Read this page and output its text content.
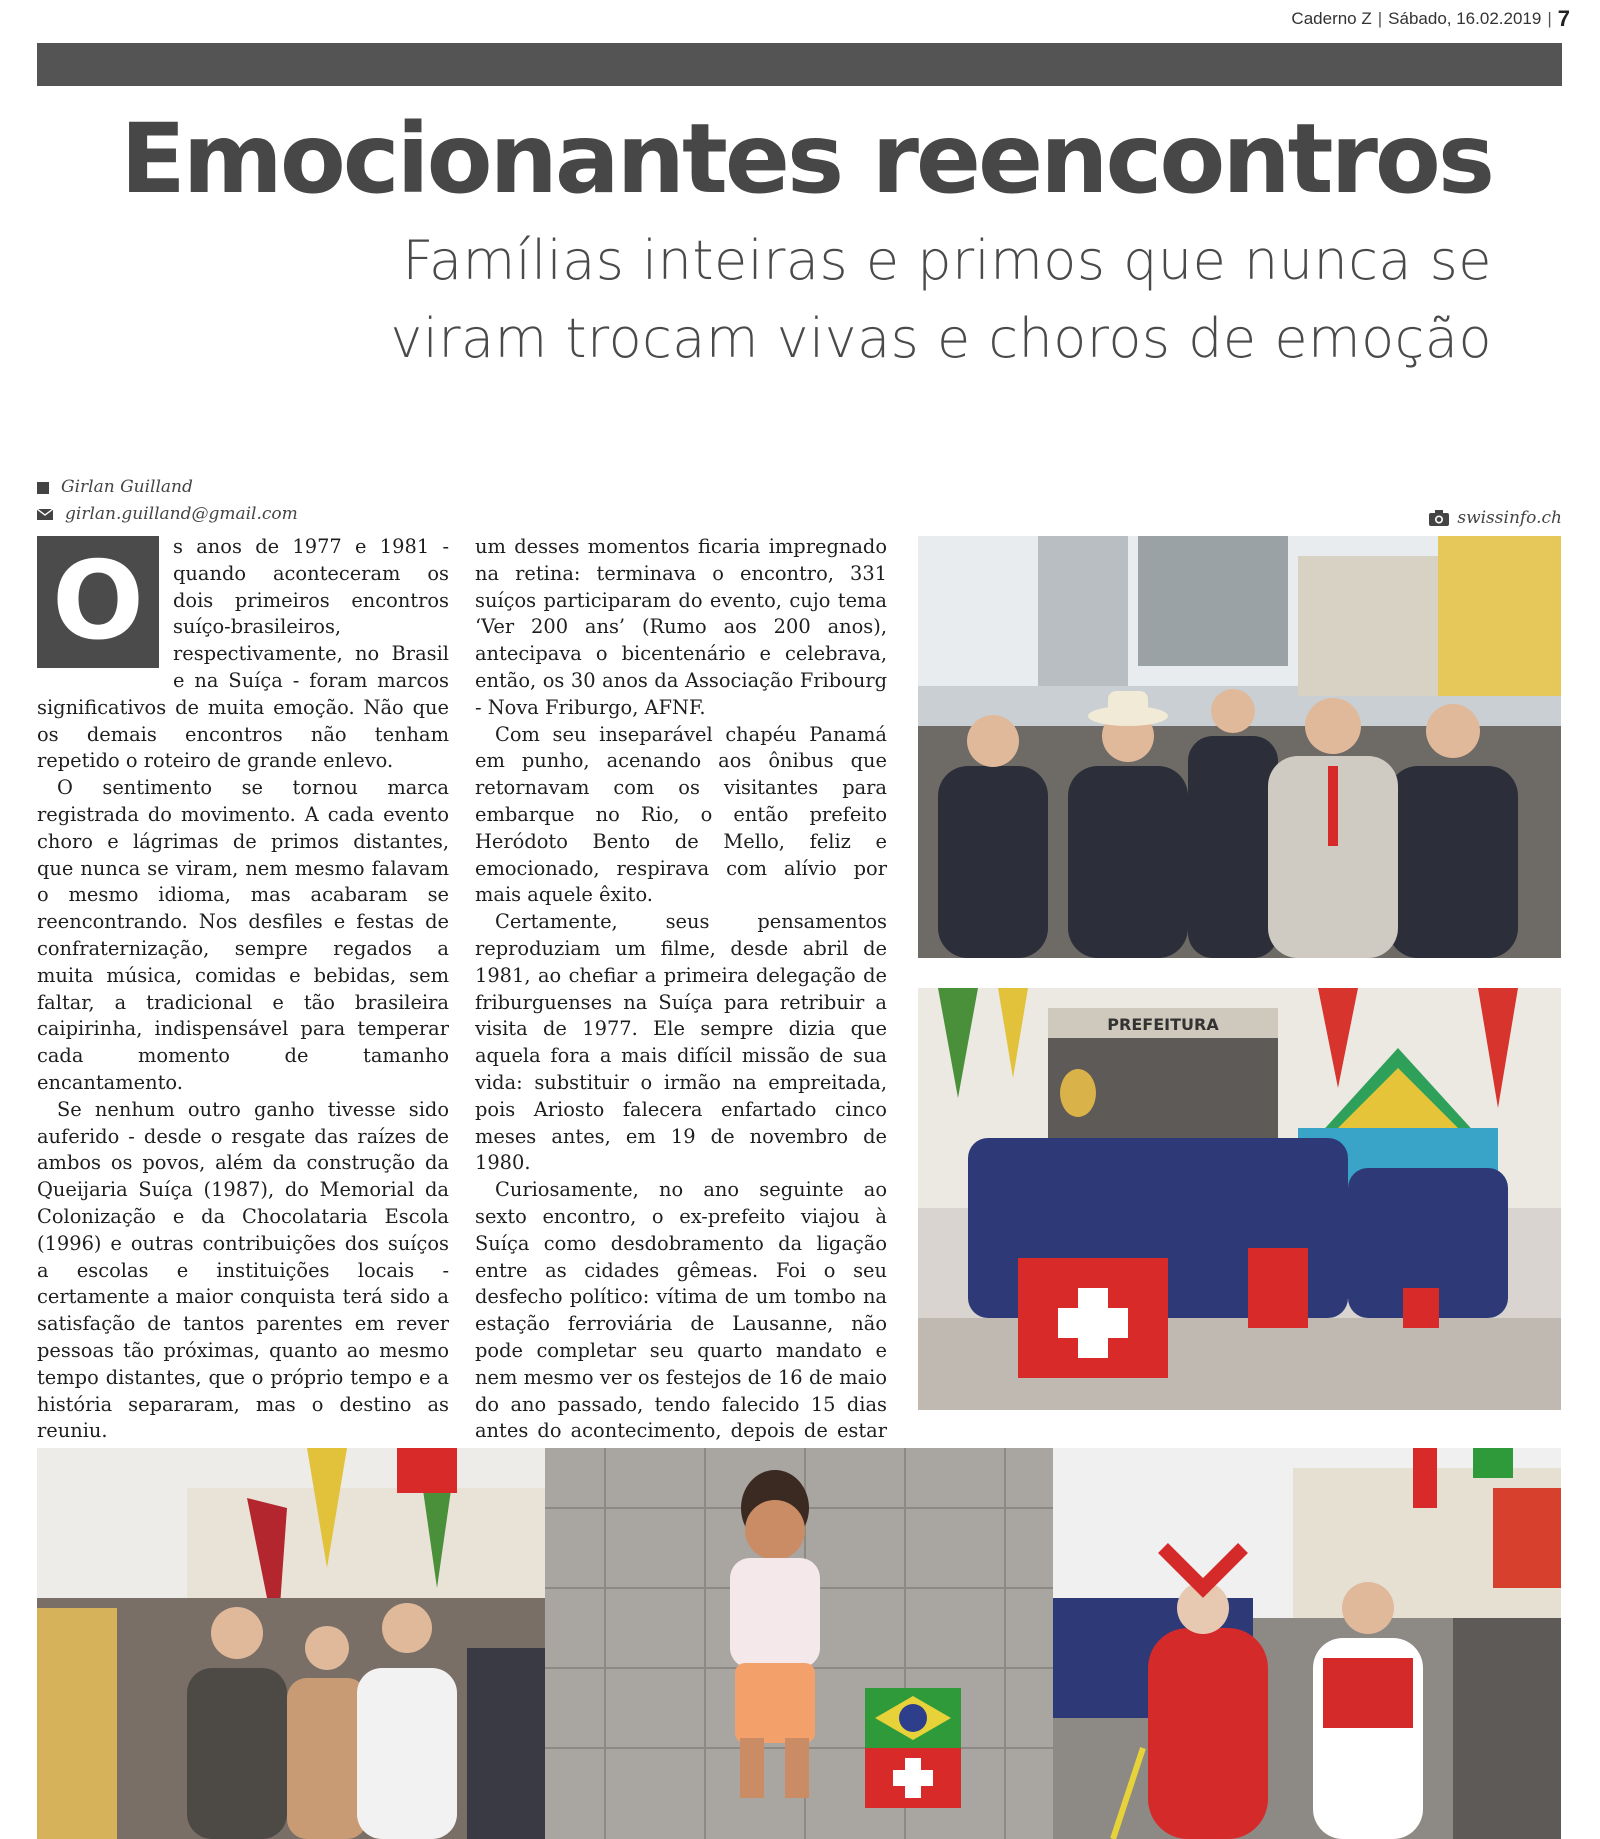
Caderno Z | Sábado, 16.02.2019 | 7
Emocionantes reencontros

Famílias inteiras e primos que nunca se
viram trocam vivas e choros de emoção

Girlan Guilland
girlan.guilland@gmail.com	swissinfo.ch
O	s anos de 1977 e 1981 - quando aconteceram os dois primeiros encontros suíço-brasileiros, respectivamente, no Brasil e na Suíça - foram marcos significativos de muita emoção. Não que os demais encontros não tenham repetido o roteiro de grande enlevo.

O sentimento se tornou marca registrada do movimento. A cada evento choro e lágrimas de primos distantes, que nunca se viram, nem mesmo falavam o mesmo idioma, mas acabaram se reencontrando. Nos desfiles e festas de confraternização, sempre regados a muita música, comidas e bebidas, sem faltar, a tradicional e tão brasileira caipirinha, indispensável para temperar cada momento de tamanho encantamento.

Se nenhum outro ganho tivesse sido auferido - desde o resgate das raízes de ambos os povos, além da construção da Queijaria Suíça (1987), do Memorial da Colonização e da Chocolataria Escola (1996) e outras contribuições dos suíços a escolas e instituições locais - certamente a maior conquista terá sido a satisfação de tantos parentes em rever pessoas tão próximas, quanto ao mesmo tempo distantes, que o próprio tempo e a história separaram, mas o destino as reuniu.

um desses momentos ficaria impregnado na retina: terminava o encontro, 331 suíços participaram do evento, cujo tema ‘Ver 200 ans’ (Rumo aos 200 anos), antecipava o bicentenário e celebrava, então, os 30 anos da Associação Fribourg - Nova Friburgo, AFNF.

Com seu inseparável chapéu Panamá em punho, acenando aos ônibus que retornavam com os visitantes para embarque no Rio, o então prefeito Heródoto Bento de Mello, feliz e emocionado, respirava com alívio por mais aquele êxito.

Certamente, seus pensamentos reproduziam um filme, desde abril de 1981, ao chefiar a primeira delegação de friburguenses na Suíça para retribuir a visita de 1977. Ele sempre dizia que aquela fora a mais difícil missão de sua vida: substituir o irmão na empreitada, pois Ariosto falecera enfartado cinco meses antes, em 19 de novembro de 1980.

Curiosamente, no ano seguinte ao sexto encontro, o ex-prefeito viajou à Suíça como desdobramento da ligação entre as cidades gêmeas. Foi o seu desfecho político: vítima de um tombo na estação ferroviária de Lausanne, não pode completar seu quarto mandato e nem mesmo ver os festejos de 16 de maio do ano passado, tendo falecido 15 dias antes do acontecimento, depois de estar

PREFEITURA
